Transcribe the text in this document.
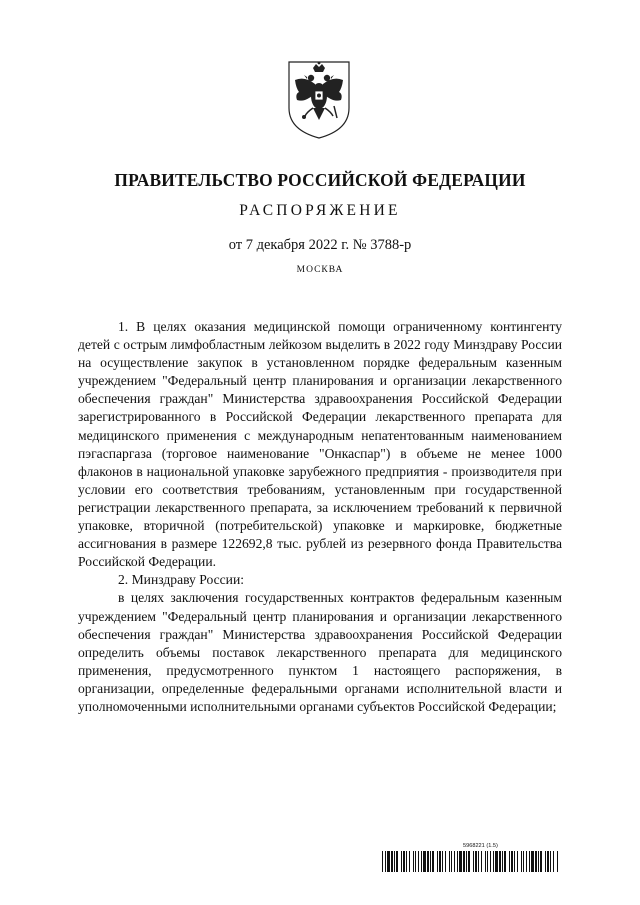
ПРАВИТЕЛЬСТВО РОССИЙСКОЙ ФЕДЕРАЦИИ
РАСПОРЯЖЕНИЕ
от 7 декабря 2022 г. № 3788-р
МОСКВА

1. В целях оказания медицинской помощи ограниченному контингенту детей с острым лимфобластным лейкозом выделить в 2022 году Минздраву России на осуществление закупок в установленном порядке федеральным казенным учреждением "Федеральный центр планирования и организации лекарственного обеспечения граждан" Министерства здравоохранения Российской Федерации зарегистрированного в Российской Федерации лекарственного препарата для медицинского применения с международным непатентованным наименованием пэгаспаргаза (торговое наименование "Онкаспар") в объеме не менее 1000 флаконов в национальной упаковке зарубежного предприятия - производителя при условии его соответствия требованиям, установленным при государственной регистрации лекарственного препарата, за исключением требований к первичной упаковке, вторичной (потребительской) упаковке и маркировке, бюджетные ассигнования в размере 122692,8 тыс. рублей из резервного фонда Правительства Российской Федерации.

2. Минздраву России:

в целях заключения государственных контрактов федеральным казенным учреждением "Федеральный центр планирования и организации лекарственного обеспечения граждан" Министерства здравоохранения Российской Федерации определить объемы поставок лекарственного препарата для медицинского применения, предусмотренного пунктом 1 настоящего распоряжения, в организации, определенные федеральными органами исполнительной власти и уполномоченными исполнительными органами субъектов Российской Федерации;

5968221 (1.5)
